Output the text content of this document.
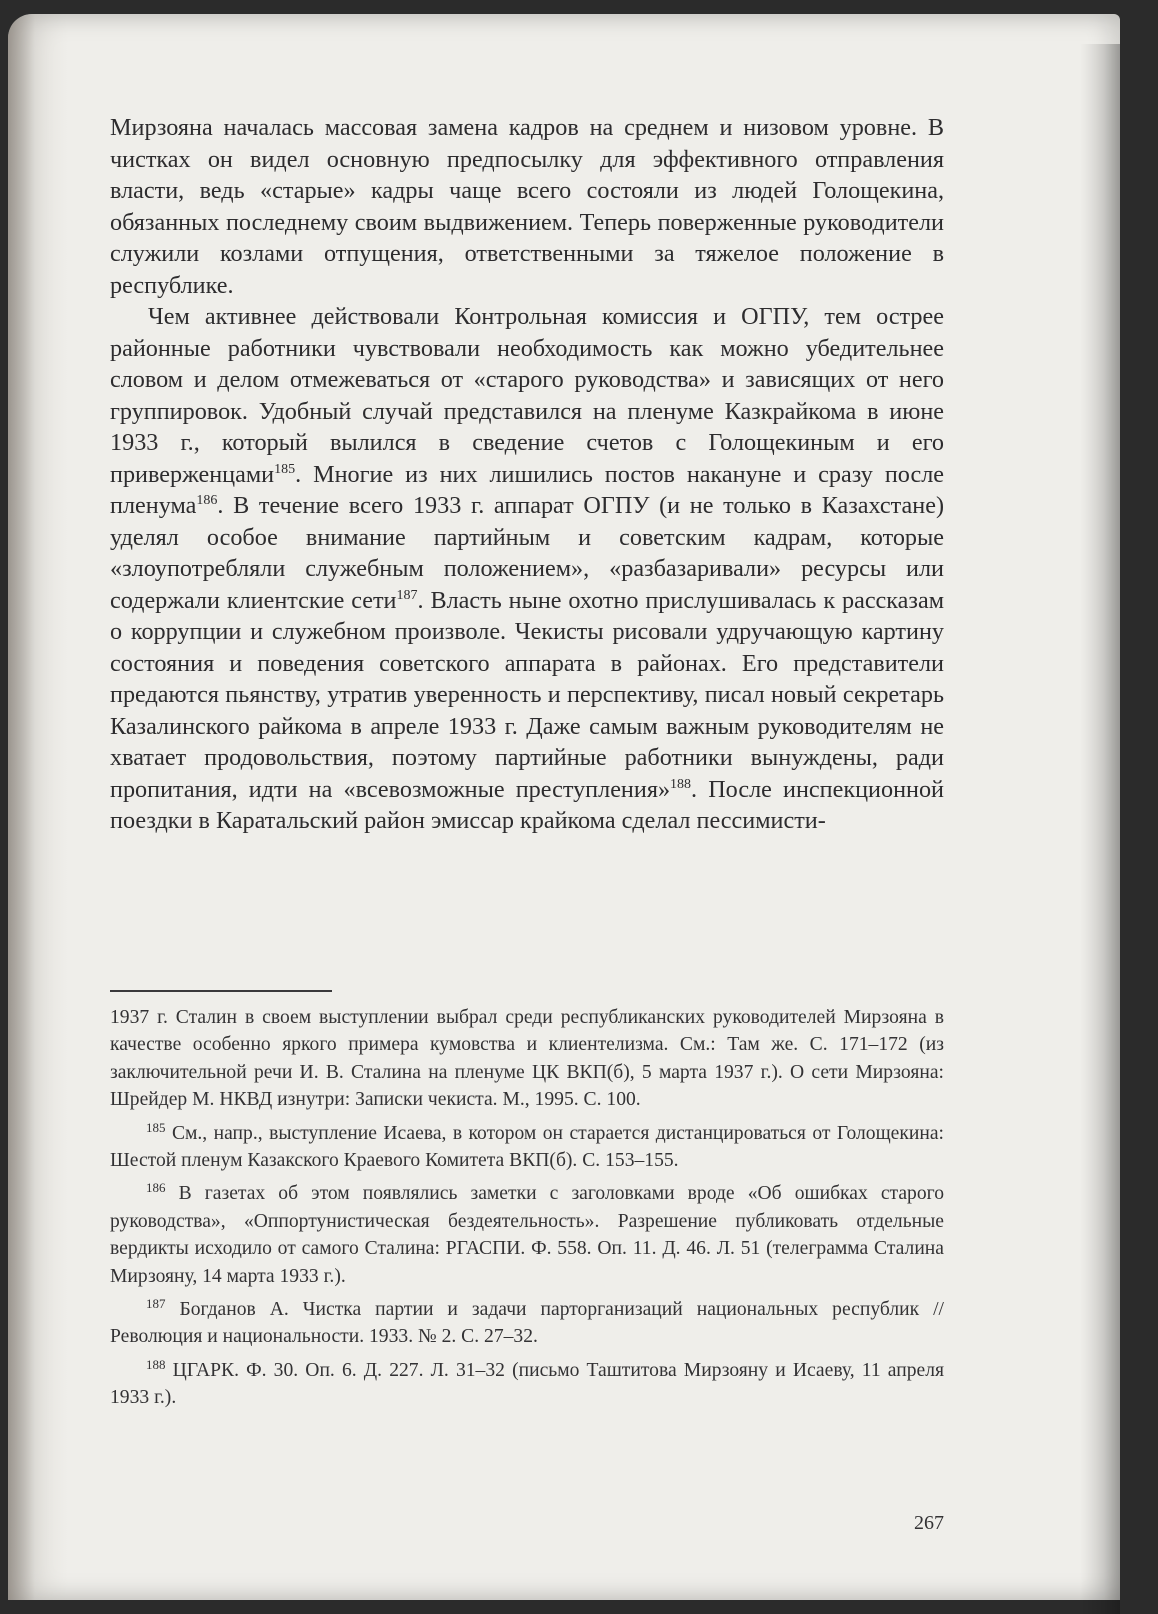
Мирзояна началась массовая замена кадров на среднем и низовом уровне. В чистках он видел основную предпосылку для эффективного отправления власти, ведь «старые» кадры чаще всего состояли из людей Голощекина, обязанных последнему своим выдвижением. Теперь поверженные руководители служили козлами отпущения, ответственными за тяжелое положение в республике.

Чем активнее действовали Контрольная комиссия и ОГПУ, тем острее районные работники чувствовали необходимость как можно убедительнее словом и делом отмежеваться от «старого руководства» и зависящих от него группировок. Удобный случай представился на пленуме Казкрайкома в июне 1933 г., который вылился в сведение счетов с Голощекиным и его приверженцами$^{185}$. Многие из них лишились постов накануне и сразу после пленума$^{186}$. В течение всего 1933 г. аппарат ОГПУ (и не только в Казахстане) уделял особое внимание партийным и советским кадрам, которые «злоупотребляли служебным положением», «разбазаривали» ресурсы или содержали клиентские сети$^{187}$. Власть ныне охотно прислушивалась к рассказам о коррупции и служебном произволе. Чекисты рисовали удручающую картину состояния и поведения советского аппарата в районах. Его представители предаются пьянству, утратив уверенность и перспективу, писал новый секретарь Казалинского райкома в апреле 1933 г. Даже самым важным руководителям не хватает продовольствия, поэтому партийные работники вынуждены, ради пропитания, идти на «всевозможные преступления»$^{188}$. После инспекционной поездки в Каратальский район эмиссар крайкома сделал пессимисти-

1937 г. Сталин в своем выступлении выбрал среди республиканских руководителей Мирзояна в качестве особенно яркого примера кумовства и клиентелизма. См.: Там же. С. 171–172 (из заключительной речи И. В. Сталина на пленуме ЦК ВКП(б), 5 марта 1937 г.). О сети Мирзояна: Шрейдер М. НКВД изнутри: Записки чекиста. М., 1995. С. 100.

$^{185}$ См., напр., выступление Исаева, в котором он старается дистанцироваться от Голощекина: Шестой пленум Казакского Краевого Комитета ВКП(б). С. 153–155.

$^{186}$ В газетах об этом появлялись заметки с заголовками вроде «Об ошибках старого руководства», «Оппортунистическая бездеятельность». Разрешение публиковать отдельные вердикты исходило от самого Сталина: РГАСПИ. Ф. 558. Оп. 11. Д. 46. Л. 51 (телеграмма Сталина Мирзояну, 14 марта 1933 г.).

$^{187}$ Богданов А. Чистка партии и задачи парторганизаций национальных республик // Революция и национальности. 1933. № 2. С. 27–32.

$^{188}$ ЦГАРК. Ф. 30. Оп. 6. Д. 227. Л. 31–32 (письмо Таштитова Мирзояну и Исаеву, 11 апреля 1933 г.).

267
